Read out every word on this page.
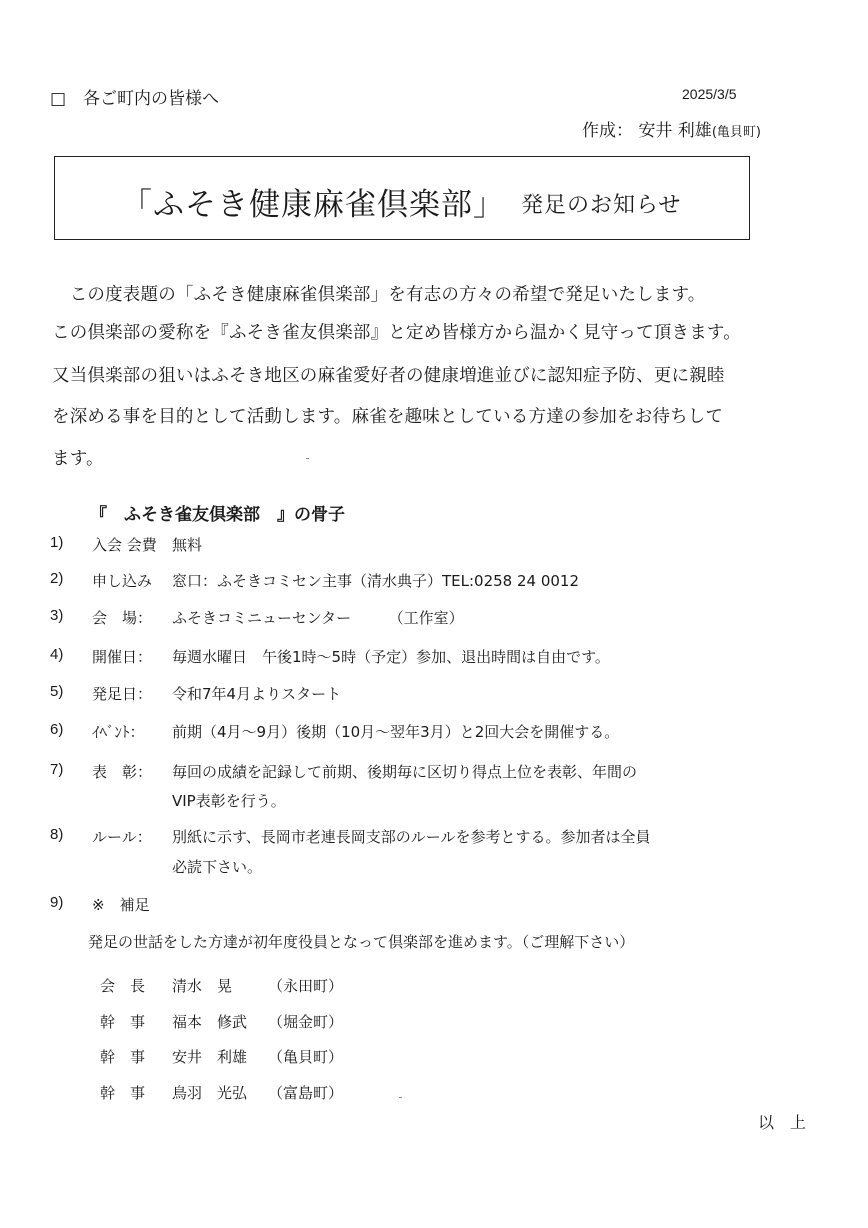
□　各ご町内の皆様へ	2025/3/5
作成： 安井 利雄(亀貝町)
「ふそき健康麻雀倶楽部」 発足のお知らせ
　この度表題の「ふそき健康麻雀倶楽部」を有志の方々の希望で発足いたします。
この倶楽部の愛称を『ふそき雀友倶楽部』と定め皆様方から温かく見守って頂きます。
又当倶楽部の狙いはふそき地区の麻雀愛好者の健康増進並びに認知症予防、更に親睦
を深める事を目的として活動します。麻雀を趣味としている方達の参加をお待ちして
ます。
『　ふそき雀友倶楽部　』の骨子
1) 入会 会費 無料
2) 申し込み 窓口：ふそきコミセン主事（清水典子）TEL:0258 24 0012
3) 会　場： ふそきコミニューセンター　　　（工作室）
4) 開催日： 毎週水曜日　午後1時～5時（予定）参加、退出時間は自由です。
5) 発足日： 令和7年4月よりスタート
6) ｲﾍﾞﾝﾄ： 前期（4月～9月）後期（10月～翌年3月）と2回大会を開催する。
7) 表　彰： 毎回の成績を記録して前期、後期毎に区切り得点上位を表彰、年間の
VIP表彰を行う。
8) ルール： 別紙に示す、長岡市老連長岡支部のルールを参考とする。参加者は全員
必読下さい。
9) ※　補足
発足の世話をした方達が初年度役員となって倶楽部を進めます。（ご理解下さい）
会　長 清水　晃 （永田町）
幹　事 福本　修武 （堀金町）
幹　事 安井　利雄 （亀貝町）
幹　事 鳥羽　光弘 （富島町）
以　上
